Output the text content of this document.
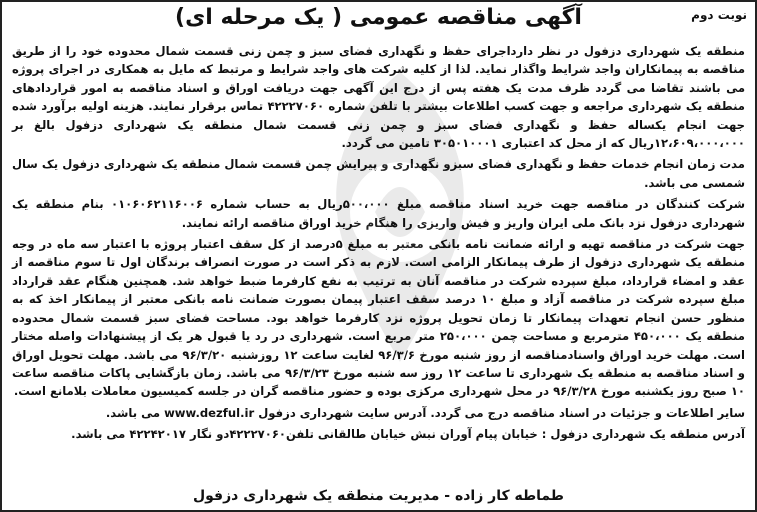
آگهی مناقصه عمومی ( یک مرحله ای)	نوبت دوم

منطقه یک شهرداری دزفول در نظر دارداجرای حفظ و نگهداری فضای سبز و چمن زنی قسمت شمال محدوده خود را از طریق مناقصه به پیمانکاران واجد شرایط واگذار نماید. لذا از کلیه شرکت های واجد شرایط و مرتبط که مایل به همکاری در اجرای پروژه می باشند تقاضا می گردد ظرف مدت یک هفته پس از درج این آگهی جهت دریافت اوراق و اسناد مناقصه به امور قراردادهای منطقه یک شهرداری مراجعه و جهت کسب اطلاعات بیشتر با تلفن شماره ۴۲۲۲۷۰۶۰ تماس برقرار نمایند. هزینه اولیه برآورد شده جهت انجام یکساله حفظ و نگهداری فضای سبز و چمن زنی قسمت شمال منطقه یک شهرداری دزفول بالغ بر ۱۲،۶۰۹،۰۰۰،۰۰۰ریال که از محل کد اعتباری ۳۰۵۰۱۰۰۰۱ تامین می گردد.

مدت زمان انجام خدمات حفظ و نگهداری فضای سبزو نگهداری و پیرایش چمن قسمت شمال منطقه یک شهرداری دزفول یک سال شمسی می باشد.

شرکت کنندگان در مناقصه جهت خرید اسناد مناقصه مبلغ ۵۰۰،۰۰۰ریال به حساب شماره ۰۱۰۶۰۶۲۱۱۶۰۰۶ بنام منطقه یک شهرداری دزفول نزد بانک ملی ایران واریز و فیش واریزی را هنگام خرید اوراق مناقصه ارائه نمایند.

جهت شرکت در مناقصه تهیه و ارائه ضمانت نامه بانکی معتبر به مبلغ ۵درصد از کل سقف اعتبار پروژه با اعتبار سه ماه در وجه منطقه یک شهرداری دزفول از طرف پیمانکار الزامی است. لازم به ذکر است در صورت انصراف برندگان اول تا سوم مناقصه از عقد و امضاء قرارداد، مبلغ سپرده شرکت در مناقصه آنان به ترتیب به نفع کارفرما ضبط خواهد شد. همچنین هنگام عقد قرارداد مبلغ سپرده شرکت در مناقصه آزاد و مبلغ ۱۰ درصد سقف اعتبار پیمان بصورت ضمانت نامه بانکی معتبر از پیمانکار اخذ که به منظور حسن انجام تعهدات پیمانکار تا زمان تحویل پروژه نزد کارفرما خواهد بود. مساحت فضای سبز قسمت شمال محدوده منطقه یک ۴۵۰،۰۰۰ مترمربع و مساحت چمن ۲۵۰،۰۰۰ متر مربع است. شهرداری در رد یا قبول هر یک از پیشنهادات واصله مختار است. مهلت خرید اوراق واسنادمناقصه از روز شنبه مورخ ۹۶/۳/۶ لغایت ساعت ۱۲ روزشنبه ۹۶/۳/۲۰ می باشد. مهلت تحویل اوراق و اسناد مناقصه به منطقه یک شهرداری تا ساعت ۱۲ روز سه شنبه مورخ ۹۶/۳/۲۳ می باشد. زمان بازگشایی پاکات مناقصه ساعت ۱۰ صبح روز یکشنبه مورخ ۹۶/۳/۲۸ در محل شهرداری مرکزی بوده و حضور مناقصه گران در جلسه کمیسیون معاملات بلامانع است.

سایر اطلاعات و جزئیات در اسناد مناقصه درج می گردد. آدرس سایت شهرداری دزفول www.dezful.ir می باشد.

آدرس منطقه یک شهرداری دزفول : خیابان پیام آوران نبش خیابان طالقانی تلفن۴۲۲۲۷۰۶۰دو نگار ۴۲۲۴۲۰۱۷ می باشد.

طماطه کار زاده - مدیریت منطقه یک شهرداری دزفول
